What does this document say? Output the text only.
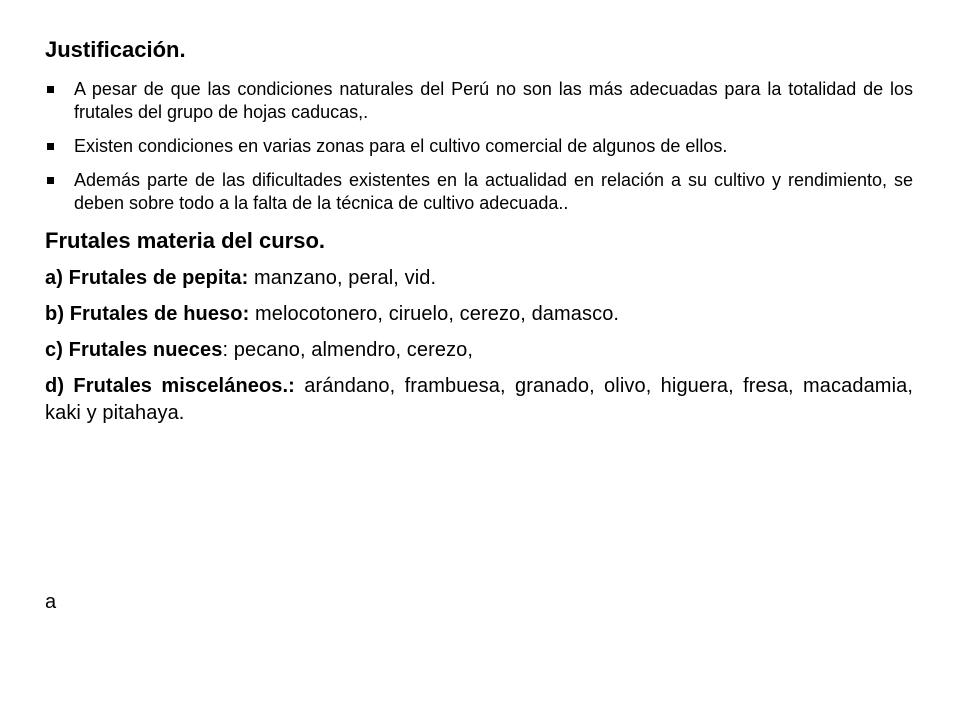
Justificación.
A pesar de que las condiciones naturales del Perú no son las más adecuadas para la totalidad de los frutales del grupo de hojas caducas,.
Existen condiciones en varias zonas para el cultivo comercial de algunos de ellos.
Además parte de las dificultades existentes en la actualidad en relación a su cultivo y rendimiento, se deben sobre todo a la falta de la técnica de cultivo adecuada..
Frutales materia del curso.

a) Frutales de pepita: manzano, peral, vid.

b) Frutales de hueso: melocotonero, ciruelo, cerezo, damasco.

c) Frutales nueces: pecano, almendro, cerezo,

d) Frutales misceláneos.: arándano, frambuesa, granado, olivo, higuera, fresa, macadamia, kaki y pitahaya.

a
